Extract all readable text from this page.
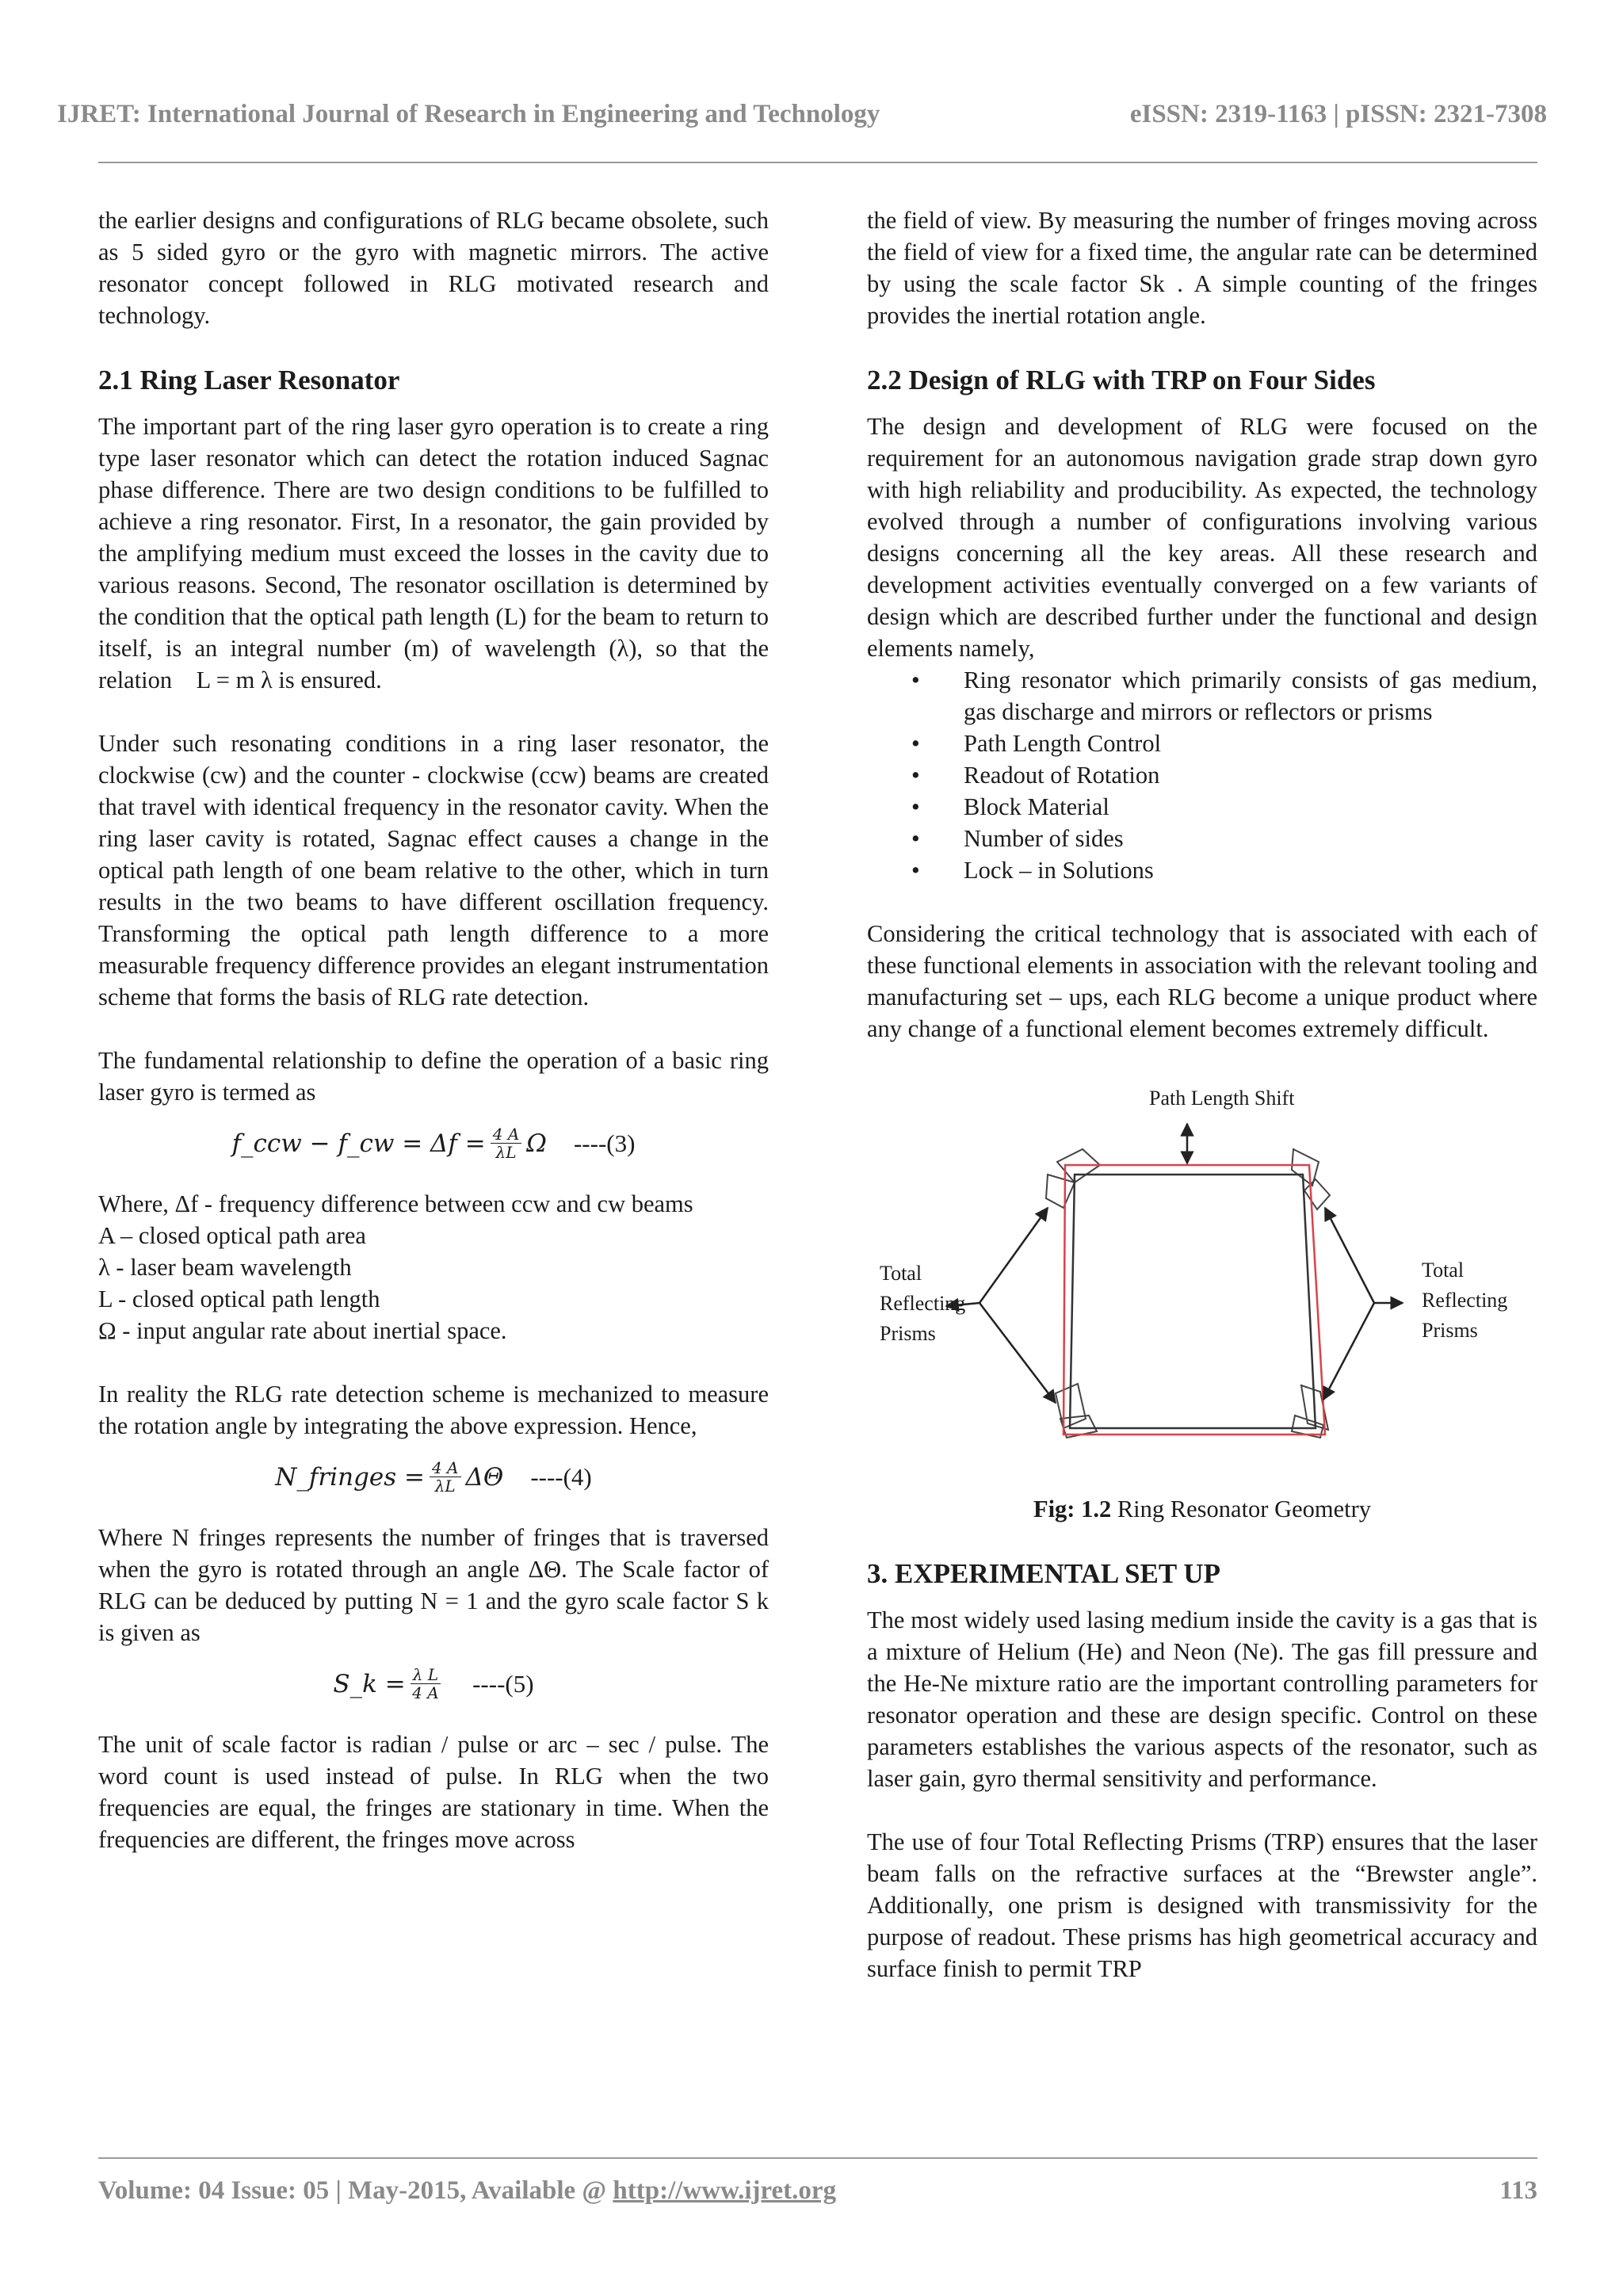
IJRET: International Journal of Research in Engineering and Technology	eISSN: 2319-1163 | pISSN: 2321-7308

the earlier designs and configurations of RLG became obsolete, such as 5 sided gyro or the gyro with magnetic mirrors. The active resonator concept followed in RLG motivated research and technology.

2.1 Ring Laser Resonator

The important part of the ring laser gyro operation is to create a ring type laser resonator which can detect the rotation induced Sagnac phase difference. There are two design conditions to be fulfilled to achieve a ring resonator. First, In a resonator, the gain provided by the amplifying medium must exceed the losses in the cavity due to various reasons. Second, The resonator oscillation is determined by the condition that the optical path length (L) for the beam to return to itself, is an integral number (m) of wavelength (λ), so that the relation L = m λ is ensured.

Under such resonating conditions in a ring laser resonator, the clockwise (cw) and the counter - clockwise (ccw) beams are created that travel with identical frequency in the resonator cavity. When the ring laser cavity is rotated, Sagnac effect causes a change in the optical path length of one beam relative to the other, which in turn results in the two beams to have different oscillation frequency. Transforming the optical path length difference to a more measurable frequency difference provides an elegant instrumentation scheme that forms the basis of RLG rate detection.

The fundamental relationship to define the operation of a basic ring laser gyro is termed as

f_ccw − f_cw = $\Delta f = \frac{4 A}{\lambda L}$ Ω ----(3)
Where, Δf - frequency difference between ccw and cw beams
A – closed optical path area
λ - laser beam wavelength
L - closed optical path length
Ω - input angular rate about inertial space.

In reality the RLG rate detection scheme is mechanized to measure the rotation angle by integrating the above expression. Hence,

N_fringes = $\frac{4 A}{\lambda L}$ ΔΘ ----(4)

Where N fringes represents the number of fringes that is traversed when the gyro is rotated through an angle ΔΘ. The Scale factor of RLG can be deduced by putting N = 1 and the gyro scale factor S k is given as

S_k = $\frac{\text{λ L}}{4 A} ----(5)$

The unit of scale factor is radian / pulse or arc – sec / pulse. The word count is used instead of pulse. In RLG when the two frequencies are equal, the fringes are stationary in time. When the frequencies are different, the fringes move across

the field of view. By measuring the number of fringes moving across the field of view for a fixed time, the angular rate can be determined by using the scale factor Sk . A simple counting of the fringes provides the inertial rotation angle.

2.2 Design of RLG with TRP on Four Sides

The design and development of RLG were focused on the requirement for an autonomous navigation grade strap down gyro with high reliability and producibility. As expected, the technology evolved through a number of configurations involving various designs concerning all the key areas. All these research and development activities eventually converged on a few variants of design which are described further under the functional and design elements namely,

• Ring resonator which primarily consists of gas medium, gas discharge and mirrors or reflectors or prisms
• Path Length Control
• Readout of Rotation
• Block Material
• Number of sides
• Lock – in Solutions

Considering the critical technology that is associated with each of these functional elements in association with the relevant tooling and manufacturing set – ups, each RLG become a unique product where any change of a functional element becomes extremely difficult.

Path Length Shift
Total
Reflecting
Prisms
Total
Reflecting
Prisms
Fig: 1.2 Ring Resonator Geometry
3. EXPERIMENTAL SET UP

The most widely used lasing medium inside the cavity is a gas that is a mixture of Helium (He) and Neon (Ne). The gas fill pressure and the He-Ne mixture ratio are the important controlling parameters for resonator operation and these are design specific. Control on these parameters establishes the various aspects of the resonator, such as laser gain, gyro thermal sensitivity and performance.

The use of four Total Reflecting Prisms (TRP) ensures that the laser beam falls on the refractive surfaces at the “Brewster angle”. Additionally, one prism is designed with transmissivity for the purpose of readout. These prisms has high geometrical accuracy and surface finish to permit TRP

Volume: 04 Issue: 05 | May-2015, Available @ http://www.ijret.org	113
